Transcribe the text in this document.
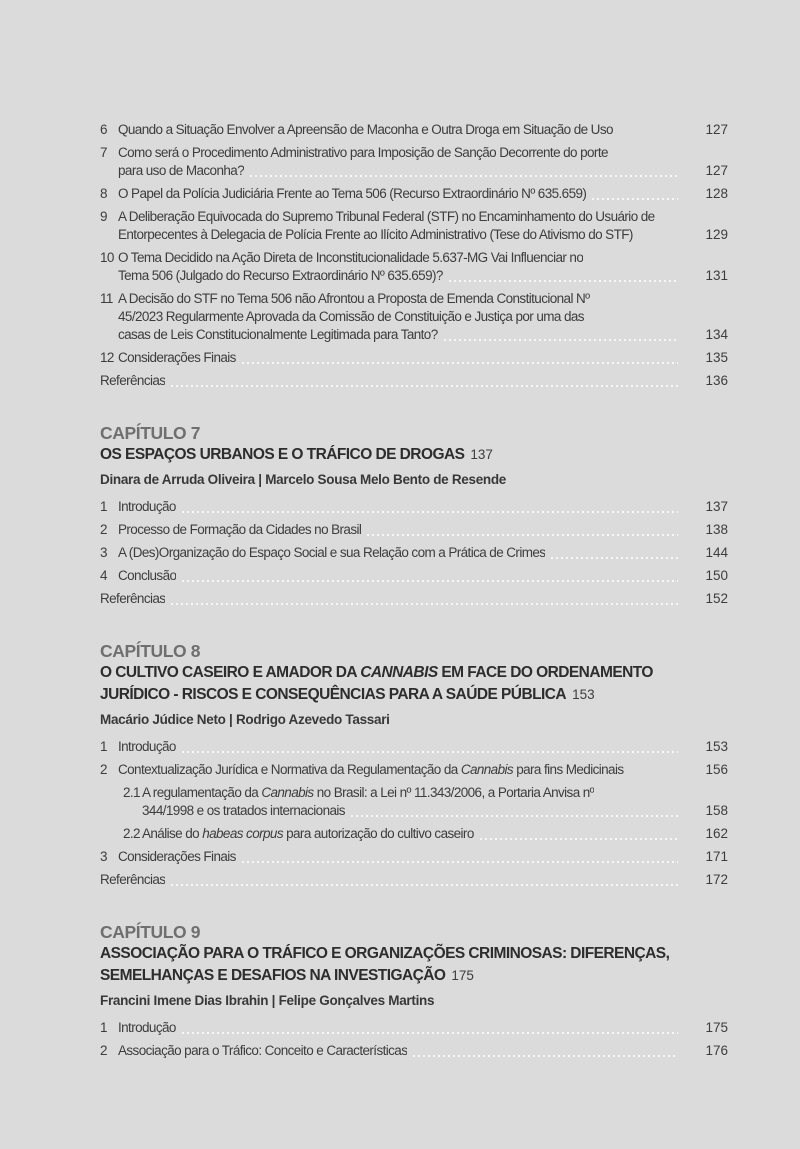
6 Quando a Situação Envolver a Apreensão de Maconha e Outra Droga em Situação de Uso	127
7 Como será o Procedimento Administrativo para Imposição de Sanção Decorrente do porte
para uso de Maconha?	127
8 O Papel da Polícia Judiciária Frente ao Tema 506 (Recurso Extraordinário Nº 635.659)	128
9 A Deliberação Equivocada do Supremo Tribunal Federal (STF) no Encaminhamento do Usuário de
Entorpecentes à Delegacia de Polícia Frente ao Ilícito Administrativo (Tese do Ativismo do STF)	129
10 O Tema Decidido na Ação Direta de Inconstitucionalidade 5.637-MG Vai Influenciar no
Tema 506 (Julgado do Recurso Extraordinário Nº 635.659)?	131
11 A Decisão do STF no Tema 506 não Afrontou a Proposta de Emenda Constitucional Nº
45/2023 Regularmente Aprovada da Comissão de Constituição e Justiça por uma das
casas de Leis Constitucionalmente Legitimada para Tanto?	134
12 Considerações Finais	135
Referências	136
CAPÍTULO 7
OS ESPAÇOS URBANOS E O TRÁFICO DE DROGAS 137
Dinara de Arruda Oliveira | Marcelo Sousa Melo Bento de Resende
1 Introdução	137
2 Processo de Formação da Cidades no Brasil	138
3 A (Des)Organização do Espaço Social e sua Relação com a Prática de Crimes	144
4 Conclusão	150
Referências	152
CAPÍTULO 8
O CULTIVO CASEIRO E AMADOR DA CANNABIS EM FACE DO ORDENAMENTO
JURÍDICO - RISCOS E CONSEQUÊNCIAS PARA A SAÚDE PÚBLICA 153
Macário Júdice Neto | Rodrigo Azevedo Tassari
1 Introdução	153
2 Contextualização Jurídica e Normativa da Regulamentação da Cannabis para fins Medicinais	156
2.1 A regulamentação da Cannabis no Brasil: a Lei nº 11.343/2006, a Portaria Anvisa nº
344/1998 e os tratados internacionais	158
2.2 Análise do habeas corpus para autorização do cultivo caseiro	162
3 Considerações Finais	171
Referências	172
CAPÍTULO 9
ASSOCIAÇÃO PARA O TRÁFICO E ORGANIZAÇÕES CRIMINOSAS: DIFERENÇAS,
SEMELHANÇAS E DESAFIOS NA INVESTIGAÇÃO 175
Francini Imene Dias Ibrahin | Felipe Gonçalves Martins
1 Introdução	175
2 Associação para o Tráfico: Conceito e Características	176
